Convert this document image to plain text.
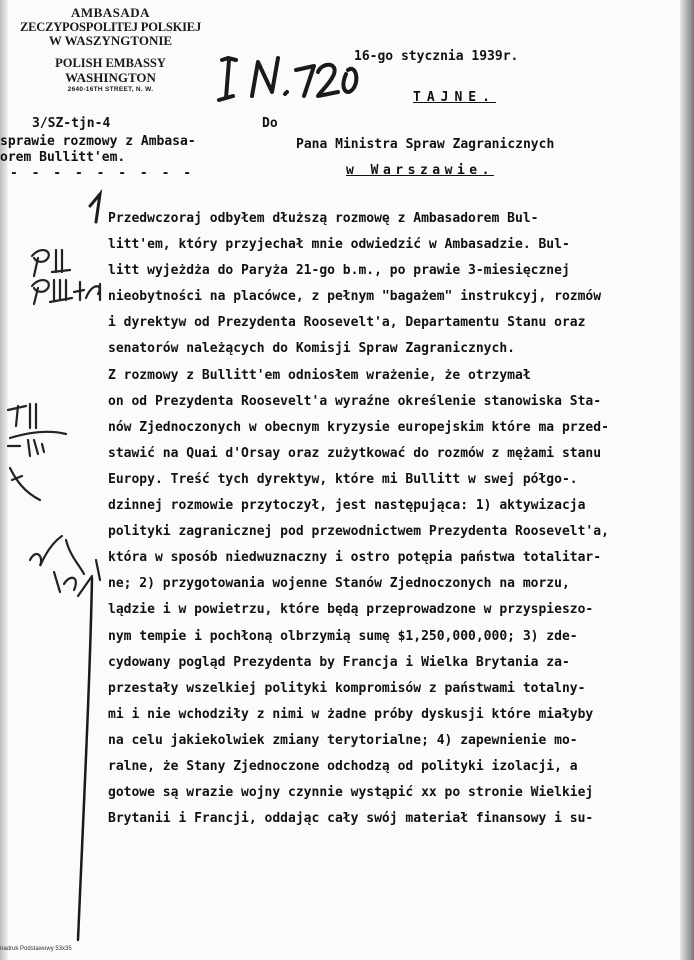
AMBASADA
ZECZYPOSPOLITEJ POLSKIEJ
W WASZYNGTONIE
POLISH EMBASSY
WASHINGTON
2640-16TH STREET, N. W.
3/SZ-tjn-4
sprawie rozmowy z Ambasa-
orem Bullitt'em.
- - - - - - - - -
Do
16-go stycznia 1939r.
TAJNE.
Pana Ministra Spraw Zagranicznych
w Warszawie.
Przedwczoraj odbyłem dłuższą rozmowę z Ambasadorem Bul-
litt'em, który przyjechał mnie odwiedzić w Ambasadzie. Bul-
litt wyjeżdża do Paryża 21-go b.m., po prawie 3-miesięcznej
nieobytności na placówce, z pełnym "bagażem" instrukcyj, rozmów
i dyrektyw od Prezydenta Roosevelt'a, Departamentu Stanu oraz
senatorów należących do Komisji Spraw Zagranicznych.
Z rozmowy z Bullitt'em odniosłem wrażenie, że otrzymał
on od Prezydenta Roosevelt'a wyraźne określenie stanowiska Sta-
nów Zjednoczonych w obecnym kryzysie europejskim które ma przed-
stawić na Quai d'Orsay oraz zużytkować do rozmów z mężami stanu
Europy. Treść tych dyrektyw, które mi Bullitt w swej półgo-.
dzinnej rozmowie przytoczył, jest następująca: 1) aktywizacja
polityki zagranicznej pod przewodnictwem Prezydenta Roosevelt'a,
która w sposób niedwuznaczny i ostro potępia państwa totalitar-
ne; 2) przygotowania wojenne Stanów Zjednoczonych na morzu,
lądzie i w powietrzu, które będą przeprowadzone w przyspieszo-
nym tempie i pochłoną olbrzymią sumę $1,250,000,000; 3) zde-
cydowany pogląd Prezydenta by Francja i Wielka Brytania za-
przestały wszelkiej polityki kompromisów z państwami totalny-
mi i nie wchodziły z nimi w żadne próby dyskusji które miałyby
na celu jakiekolwiek zmiany terytorialne; 4) zapewnienie mo-
ralne, że Stany Zjednoczone odchodzą od polityki izolacji, a
gotowe są wrazie wojny czynnie wystąpić xx po stronie Wielkiej
Brytanii i Francji, oddając cały swój materiał finansowy i su-
nadruk Podstawowy 53x35
